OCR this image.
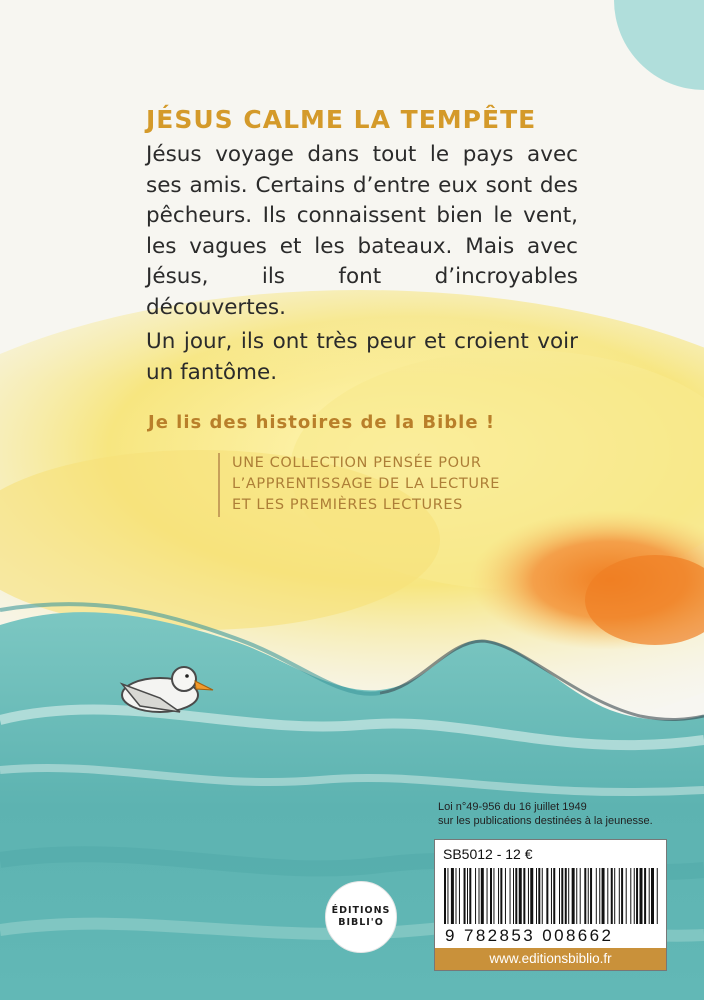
JÉSUS CALME LA TEMPÊTE

Jésus voyage dans tout le pays avec ses amis. Certains d’entre eux sont des pêcheurs. Ils connaissent bien le vent, les vagues et les bateaux. Mais avec Jésus, ils font d’incroyables découvertes.

Un jour, ils ont très peur et croient voir un fantôme.

Je lis des histoires de la Bible !
UNE COLLECTION PENSÉE POUR
L’APPRENTISSAGE DE LA LECTURE
ET LES PREMIÈRES LECTURES
Loi n°49-956 du 16 juillet 1949
sur les publications destinées à la jeunesse.
ÉDITIONS
BIBLI'O
SB5012 - 12 €
9 782853 008662
www.editionsbiblio.fr
